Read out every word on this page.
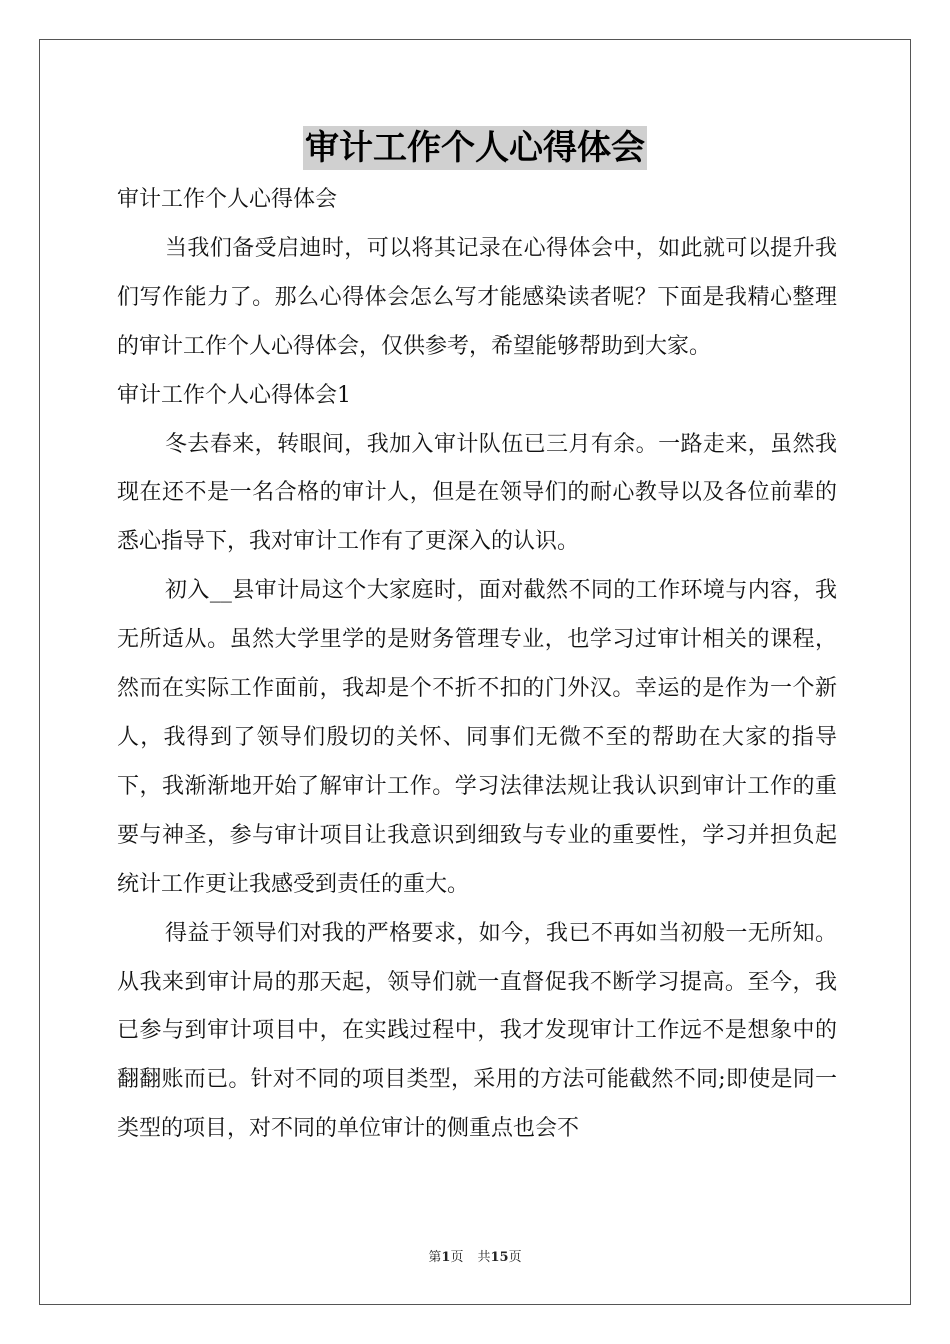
审计工作个人心得体会

审计工作个人心得体会

当我们备受启迪时，可以将其记录在心得体会中，如此就可以提升我们写作能力了。那么心得体会怎么写才能感染读者呢？下面是我精心整理的审计工作个人心得体会，仅供参考，希望能够帮助到大家。

审计工作个人心得体会1

冬去春来，转眼间，我加入审计队伍已三月有余。一路走来，虽然我现在还不是一名合格的审计人，但是在领导们的耐心教导以及各位前辈的悉心指导下，我对审计工作有了更深入的认识。

初入__县审计局这个大家庭时，面对截然不同的工作环境与内容，我无所适从。虽然大学里学的是财务管理专业，也学习过审计相关的课程，然而在实际工作面前，我却是个不折不扣的门外汉。幸运的是作为一个新人，我得到了领导们殷切的关怀、同事们无微不至的帮助在大家的指导下，我渐渐地开始了解审计工作。学习法律法规让我认识到审计工作的重要与神圣，参与审计项目让我意识到细致与专业的重要性，学习并担负起统计工作更让我感受到责任的重大。

得益于领导们对我的严格要求，如今，我已不再如当初般一无所知。从我来到审计局的那天起，领导们就一直督促我不断学习提高。至今，我已参与到审计项目中，在实践过程中，我才发现审计工作远不是想象中的翻翻账而已。针对不同的项目类型，采用的方法可能截然不同;即使是同一类型的项目，对不同的单位审计的侧重点也会不

第1页 共15页
